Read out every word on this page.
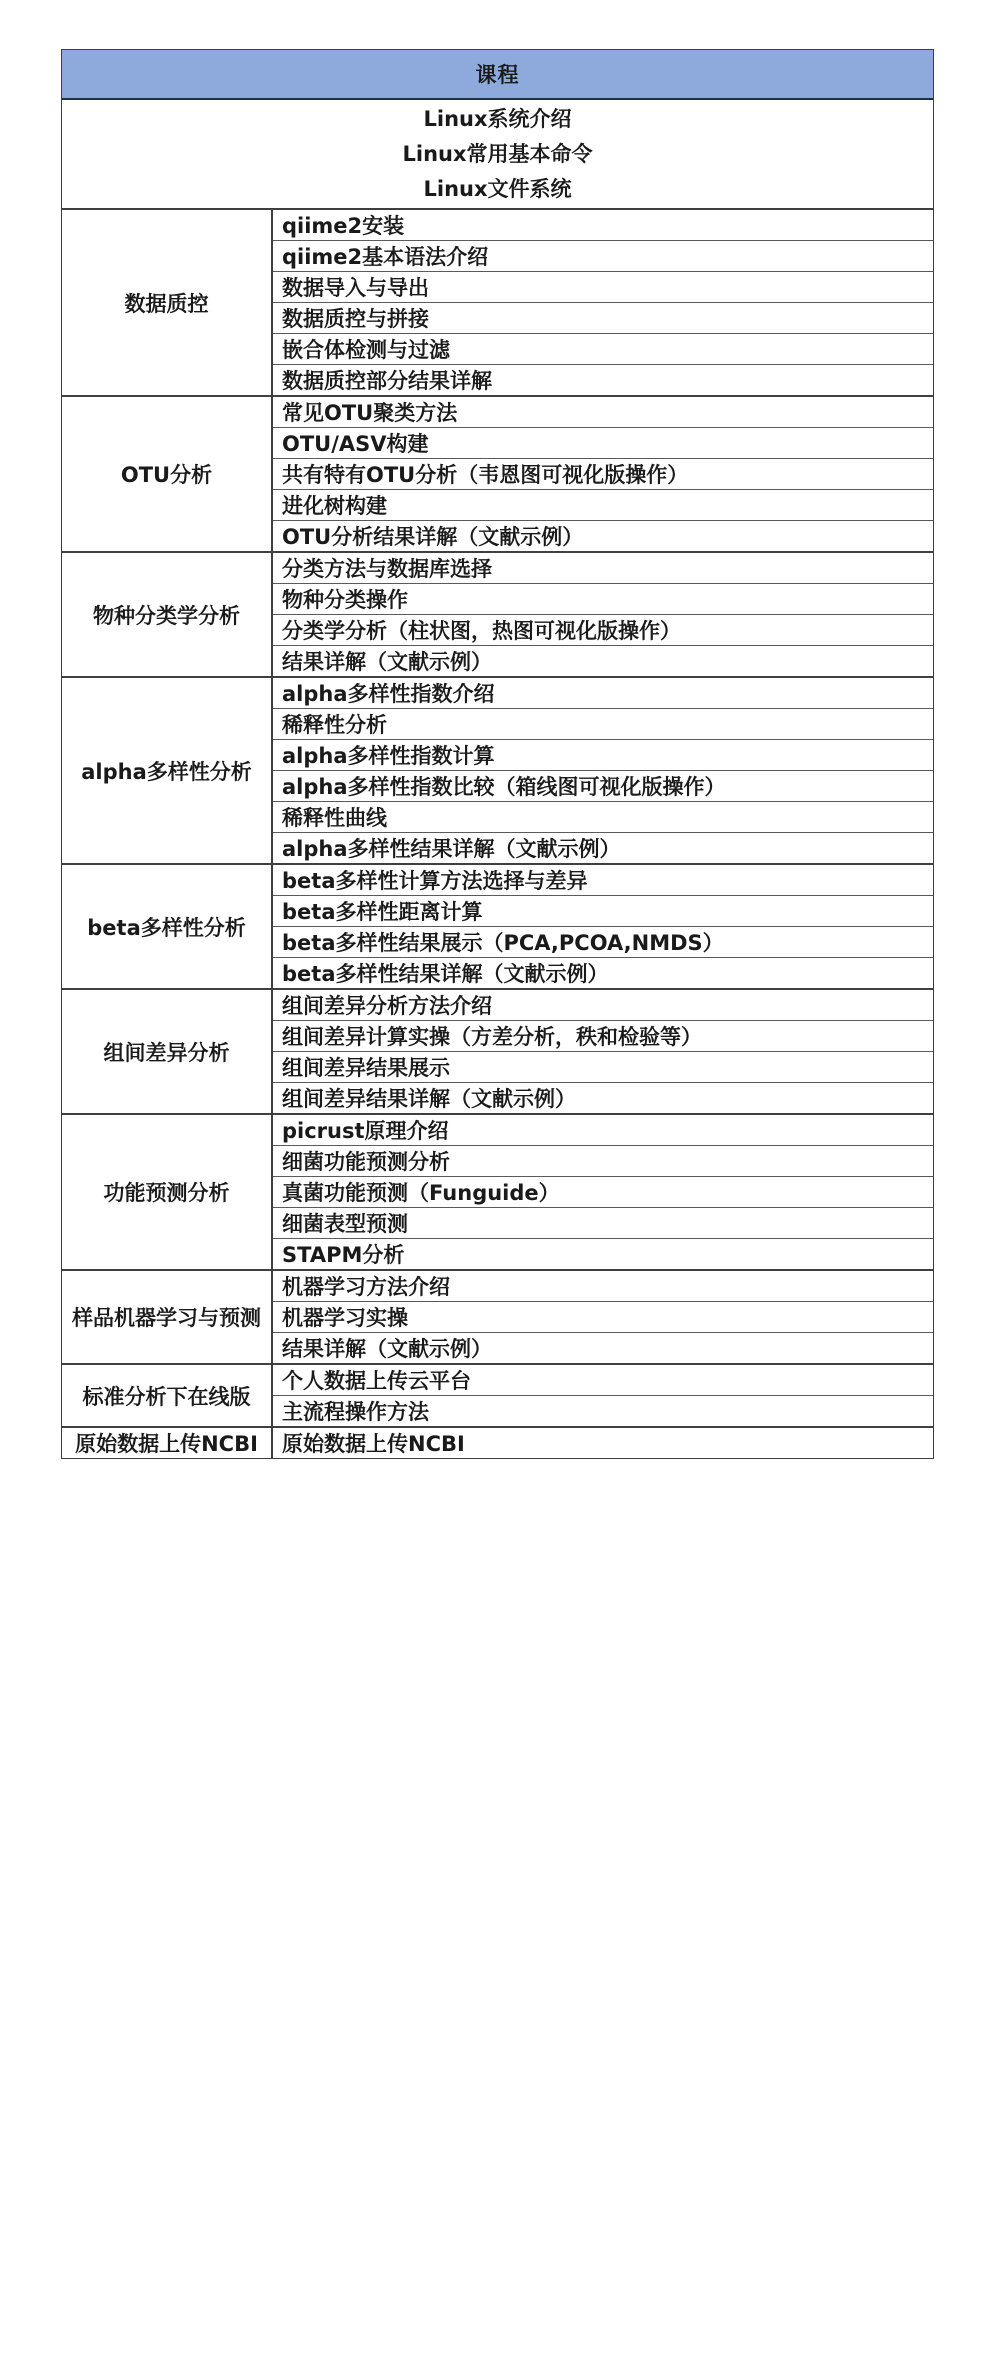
课程
Linux系统介绍
Linux常用基本命令
Linux文件系统
数据质控
qiime2安装
qiime2基本语法介绍
数据导入与导出
数据质控与拼接
嵌合体检测与过滤
数据质控部分结果详解
OTU分析
常见OTU聚类方法
OTU/ASV构建
共有特有OTU分析（韦恩图可视化版操作）
进化树构建
OTU分析结果详解（文献示例）
物种分类学分析
分类方法与数据库选择
物种分类操作
分类学分析（柱状图，热图可视化版操作）
结果详解（文献示例）
alpha多样性分析
alpha多样性指数介绍
稀释性分析
alpha多样性指数计算
alpha多样性指数比较（箱线图可视化版操作）
稀释性曲线
alpha多样性结果详解（文献示例）
beta多样性分析
beta多样性计算方法选择与差异
beta多样性距离计算
beta多样性结果展示（PCA,PCOA,NMDS）
beta多样性结果详解（文献示例）
组间差异分析
组间差异分析方法介绍
组间差异计算实操（方差分析，秩和检验等）
组间差异结果展示
组间差异结果详解（文献示例）
功能预测分析
picrust原理介绍
细菌功能预测分析
真菌功能预测（Funguide）
细菌表型预测
STAPM分析
样品机器学习与预测
机器学习方法介绍
机器学习实操
结果详解（文献示例）
标准分析下在线版
个人数据上传云平台
主流程操作方法
原始数据上传NCBI	原始数据上传NCBI
